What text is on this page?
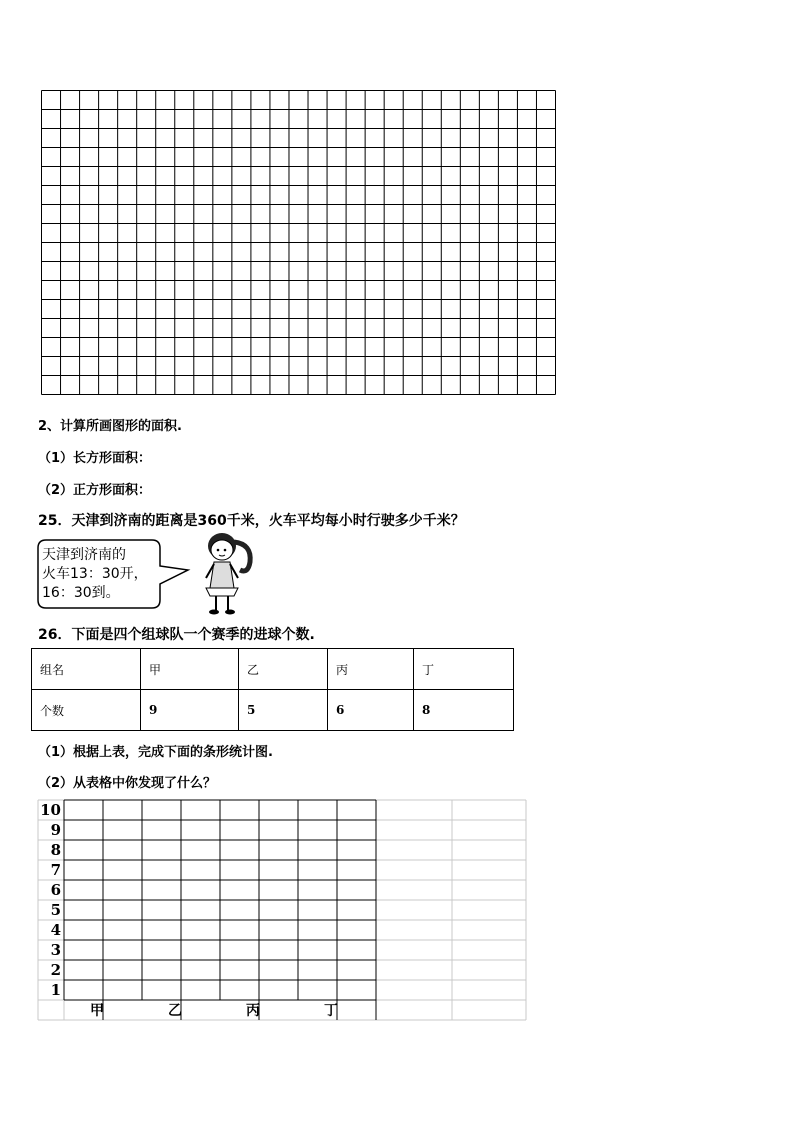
2、计算所画图形的面积.
（1）长方形面积：
（2）正方形面积：
25．天津到济南的距离是360千米，火车平均每小时行驶多少千米？
天津到济南的
火车13：30开，
16：30到。
26．下面是四个组球队一个赛季的进球个数.
组名	甲	乙	丙	丁
个数	9	5	6	8
（1）根据上表，完成下面的条形统计图.
（2）从表格中你发现了什么？
10
9
8
7
6
5
4
3
2
1
甲	乙	丙	丁
